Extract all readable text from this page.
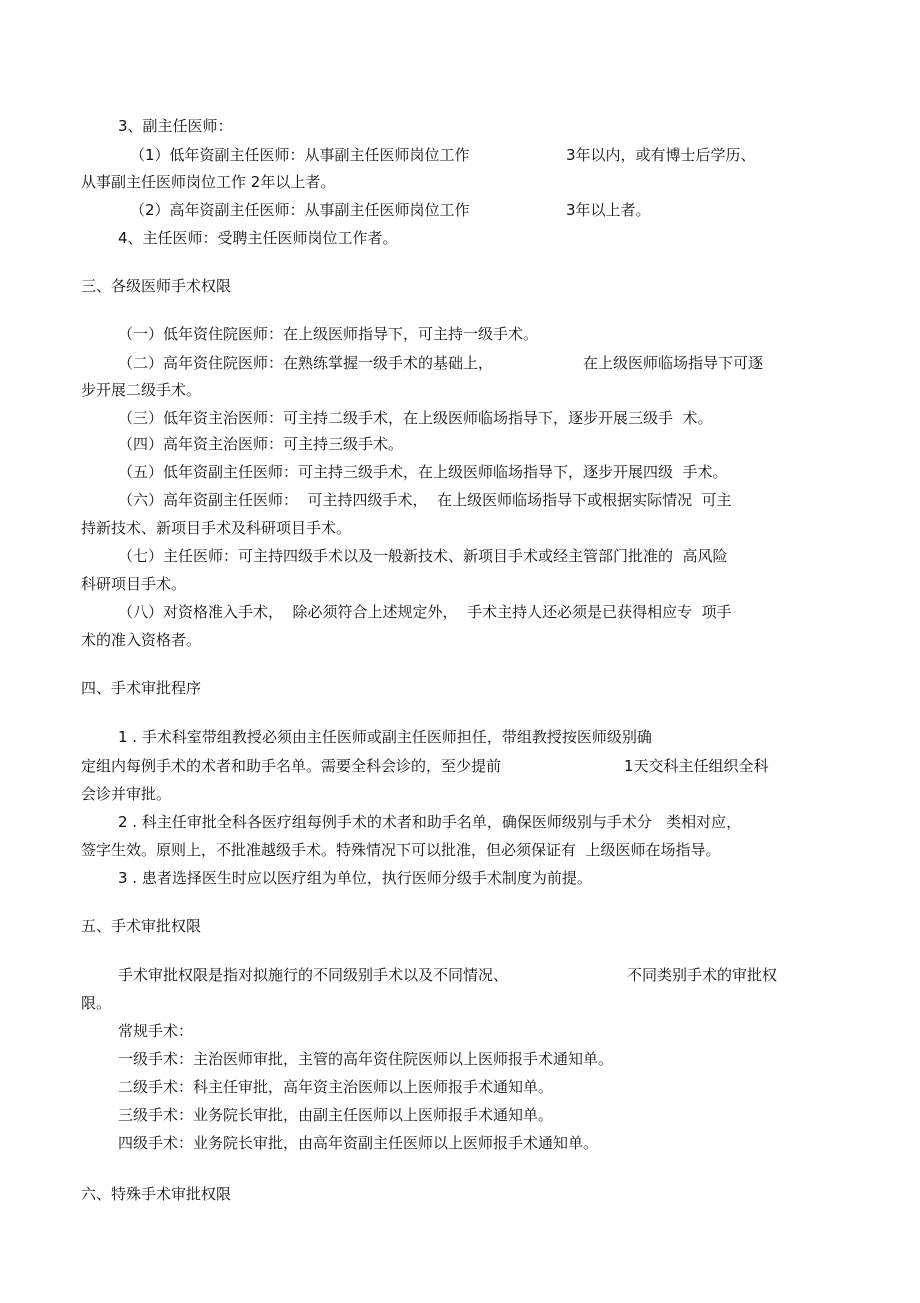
3、副主任医师：
（1）低年资副主任医师：从事副主任医师岗位工作	3年以内，或有博士后学历、
从事副主任医师岗位工作 2年以上者。
（2）高年资副主任医师：从事副主任医师岗位工作	3年以上者。
4、主任医师：受聘主任医师岗位工作者。
三、各级医师手术权限
（一）低年资住院医师：在上级医师指导下，可主持一级手术。
（二）高年资住院医师：在熟练掌握一级手术的基础上，	在上级医师临场指导下可逐
步开展二级手术。
（三）低年资主治医师：可主持二级手术，在上级医师临场指导下，逐步开展三级手  术。
（四）高年资主治医师：可主持三级手术。
（五）低年资副主任医师：可主持三级手术，在上级医师临场指导下，逐步开展四级  手术。
（六）高年资副主任医师：  可主持四级手术，  在上级医师临场指导下或根据实际情况  可主
持新技术、新项目手术及科研项目手术。
（七）主任医师：可主持四级手术以及一般新技术、新项目手术或经主管部门批准的  高风险
科研项目手术。
（八）对资格准入手术，  除必须符合上述规定外，  手术主持人还必须是已获得相应专  项手
术的准入资格者。
四、手术审批程序
1 . 手术科室带组教授必须由主任医师或副主任医师担任，带组教授按医师级别确
定组内每例手术的术者和助手名单。需要全科会诊的，至少提前	1天交科主任组织全科
会诊并审批。
2 . 科主任审批全科各医疗组每例手术的术者和助手名单，确保医师级别与手术分   类相对应，
签字生效。原则上，不批准越级手术。特殊情况下可以批准，但必须保证有  上级医师在场指导。
3 . 患者选择医生时应以医疗组为单位，执行医师分级手术制度为前提。
五、手术审批权限
手术审批权限是指对拟施行的不同级别手术以及不同情况、	不同类别手术的审批权
限。
常规手术：
一级手术：主治医师审批，主管的高年资住院医师以上医师报手术通知单。
二级手术：科主任审批，高年资主治医师以上医师报手术通知单。
三级手术：业务院长审批，由副主任医师以上医师报手术通知单。
四级手术：业务院长审批，由高年资副主任医师以上医师报手术通知单。
六、特殊手术审批权限
